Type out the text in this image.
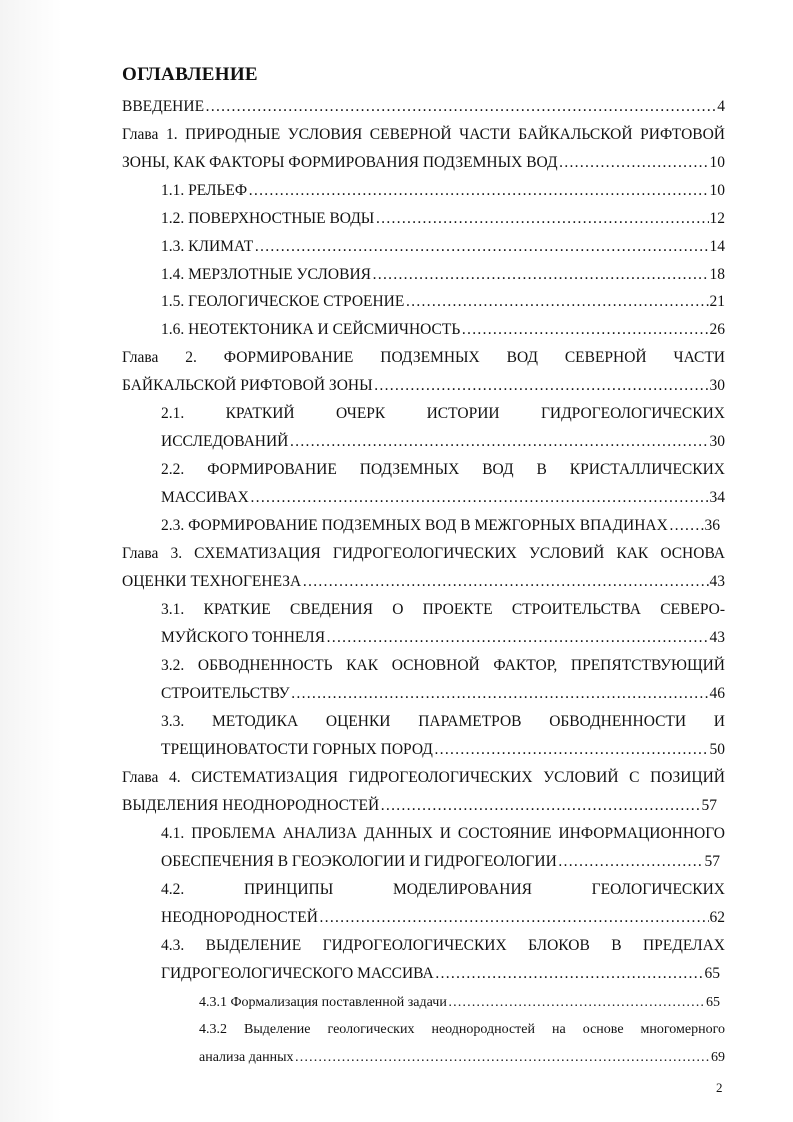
ОГЛАВЛЕНИЕ
ВВЕДЕНИЕ …………………………………………………………………………………………………………………………………………………………………………………………………………	4
Глава 1. ПРИРОДНЫЕ УСЛОВИЯ СЕВЕРНОЙ ЧАСТИ БАЙКАЛЬСКОЙ РИФТОВОЙ
ЗОНЫ, КАК ФАКТОРЫ ФОРМИРОВАНИЯ ПОДЗЕМНЫХ ВОД …………………………………………………………………………………………………………………………………………………………………………………………………………	10
1.1. РЕЛЬЕФ …………………………………………………………………………………………………………………………………………………………………………………………………………	10
1.2. ПОВЕРХНОСТНЫЕ ВОДЫ …………………………………………………………………………………………………………………………………………………………………………………………………………	12
1.3. КЛИМАТ …………………………………………………………………………………………………………………………………………………………………………………………………………	14
1.4. МЕРЗЛОТНЫЕ УСЛОВИЯ …………………………………………………………………………………………………………………………………………………………………………………………………………	18
1.5. ГЕОЛОГИЧЕСКОЕ СТРОЕНИЕ …………………………………………………………………………………………………………………………………………………………………………………………………………	21
1.6. НЕОТЕКТОНИКА И СЕЙСМИЧНОСТЬ …………………………………………………………………………………………………………………………………………………………………………………………………………	26
Глава 2. ФОРМИРОВАНИЕ ПОДЗЕМНЫХ ВОД СЕВЕРНОЙ ЧАСТИ
БАЙКАЛЬСКОЙ РИФТОВОЙ ЗОНЫ …………………………………………………………………………………………………………………………………………………………………………………………………………	30
2.1. КРАТКИЙ ОЧЕРК ИСТОРИИ ГИДРОГЕОЛОГИЧЕСКИХ
ИССЛЕДОВАНИЙ …………………………………………………………………………………………………………………………………………………………………………………………………………	30
2.2. ФОРМИРОВАНИЕ ПОДЗЕМНЫХ ВОД В КРИСТАЛЛИЧЕСКИХ
МАССИВАХ …………………………………………………………………………………………………………………………………………………………………………………………………………	34
2.3. ФОРМИРОВАНИЕ ПОДЗЕМНЫХ ВОД В МЕЖГОРНЫХ ВПАДИНАХ ………………………………………………………………………………………………………………………………………………………………………………………………………… 36
Глава 3. СХЕМАТИЗАЦИЯ ГИДРОГЕОЛОГИЧЕСКИХ УСЛОВИЙ КАК ОСНОВА
ОЦЕНКИ ТЕХНОГЕНЕЗА …………………………………………………………………………………………………………………………………………………………………………………………………………	43
3.1. КРАТКИЕ СВЕДЕНИЯ О ПРОЕКТЕ СТРОИТЕЛЬСТВА СЕВЕРО-
МУЙСКОГО ТОННЕЛЯ …………………………………………………………………………………………………………………………………………………………………………………………………………	43
3.2. ОБВОДНЕННОСТЬ КАК ОСНОВНОЙ ФАКТОР, ПРЕПЯТСТВУЮЩИЙ
СТРОИТЕЛЬСТВУ …………………………………………………………………………………………………………………………………………………………………………………………………………	46
3.3. МЕТОДИКА ОЦЕНКИ ПАРАМЕТРОВ ОБВОДНЕННОСТИ И
ТРЕЩИНОВАТОСТИ ГОРНЫХ ПОРОД …………………………………………………………………………………………………………………………………………………………………………………………………………	50
Глава 4. СИСТЕМАТИЗАЦИЯ ГИДРОГЕОЛОГИЧЕСКИХ УСЛОВИЙ С ПОЗИЦИЙ
ВЫДЕЛЕНИЯ НЕОДНОРОДНОСТЕЙ …………………………………………………………………………………………………………………………………………………………………………………………………………	57
4.1. ПРОБЛЕМА АНАЛИЗА ДАННЫХ И СОСТОЯНИЕ ИНФОРМАЦИОННОГО
ОБЕСПЕЧЕНИЯ В ГЕОЭКОЛОГИИ И ГИДРОГЕОЛОГИИ …………………………………………………………………………………………………………………………………………………………………………………………………………	57
4.2. ПРИНЦИПЫ МОДЕЛИРОВАНИЯ ГЕОЛОГИЧЕСКИХ
НЕОДНОРОДНОСТЕЙ …………………………………………………………………………………………………………………………………………………………………………………………………………	62
4.3. ВЫДЕЛЕНИЕ ГИДРОГЕОЛОГИЧЕСКИХ БЛОКОВ В ПРЕДЕЛАХ
ГИДРОГЕОЛОГИЧЕСКОГО МАССИВА …………………………………………………………………………………………………………………………………………………………………………………………………………	65
4.3.1 Формализация поставленной задачи …………………………………………………………………………………………………………………………………………………………………………………………………………	65
4.3.2 Выделение геологических неоднородностей на основе многомерного
анализа данных …………………………………………………………………………………………………………………………………………………………………………………………………………	69
2
